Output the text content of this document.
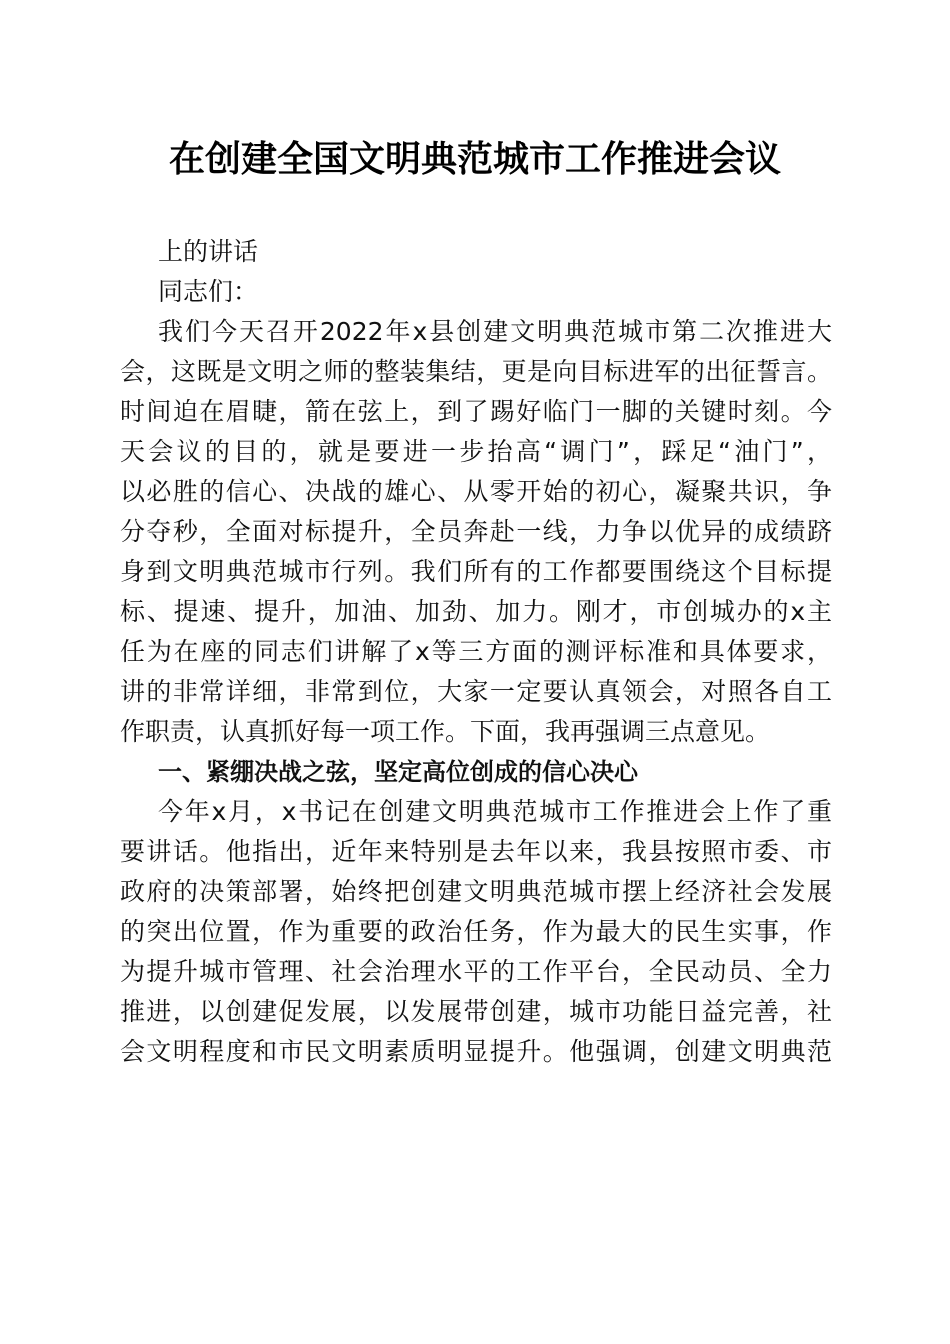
在创建全国文明典范城市工作推进会议
上的讲话
同志们：
我们今天召开2022年x县创建文明典范城市第二次推进大
会，这既是文明之师的整装集结，更是向目标进军的出征誓言。
时间迫在眉睫，箭在弦上，到了踢好临门一脚的关键时刻。今
天会议的目的，就是要进一步抬高“调门”，踩足“油门”，
以必胜的信心、决战的雄心、从零开始的初心，凝聚共识，争
分夺秒，全面对标提升，全员奔赴一线，力争以优异的成绩跻
身到文明典范城市行列。我们所有的工作都要围绕这个目标提
标、提速、提升，加油、加劲、加力。刚才，市创城办的x主
任为在座的同志们讲解了x等三方面的测评标准和具体要求，
讲的非常详细，非常到位，大家一定要认真领会，对照各自工
作职责，认真抓好每一项工作。下面，我再强调三点意见。
一、紧绷决战之弦，坚定高位创成的信心决心
今年x月，x书记在创建文明典范城市工作推进会上作了重
要讲话。他指出，近年来特别是去年以来，我县按照市委、市
政府的决策部署，始终把创建文明典范城市摆上经济社会发展
的突出位置，作为重要的政治任务，作为最大的民生实事，作
为提升城市管理、社会治理水平的工作平台，全民动员、全力
推进，以创建促发展，以发展带创建，城市功能日益完善，社
会文明程度和市民文明素质明显提升。他强调，创建文明典范
